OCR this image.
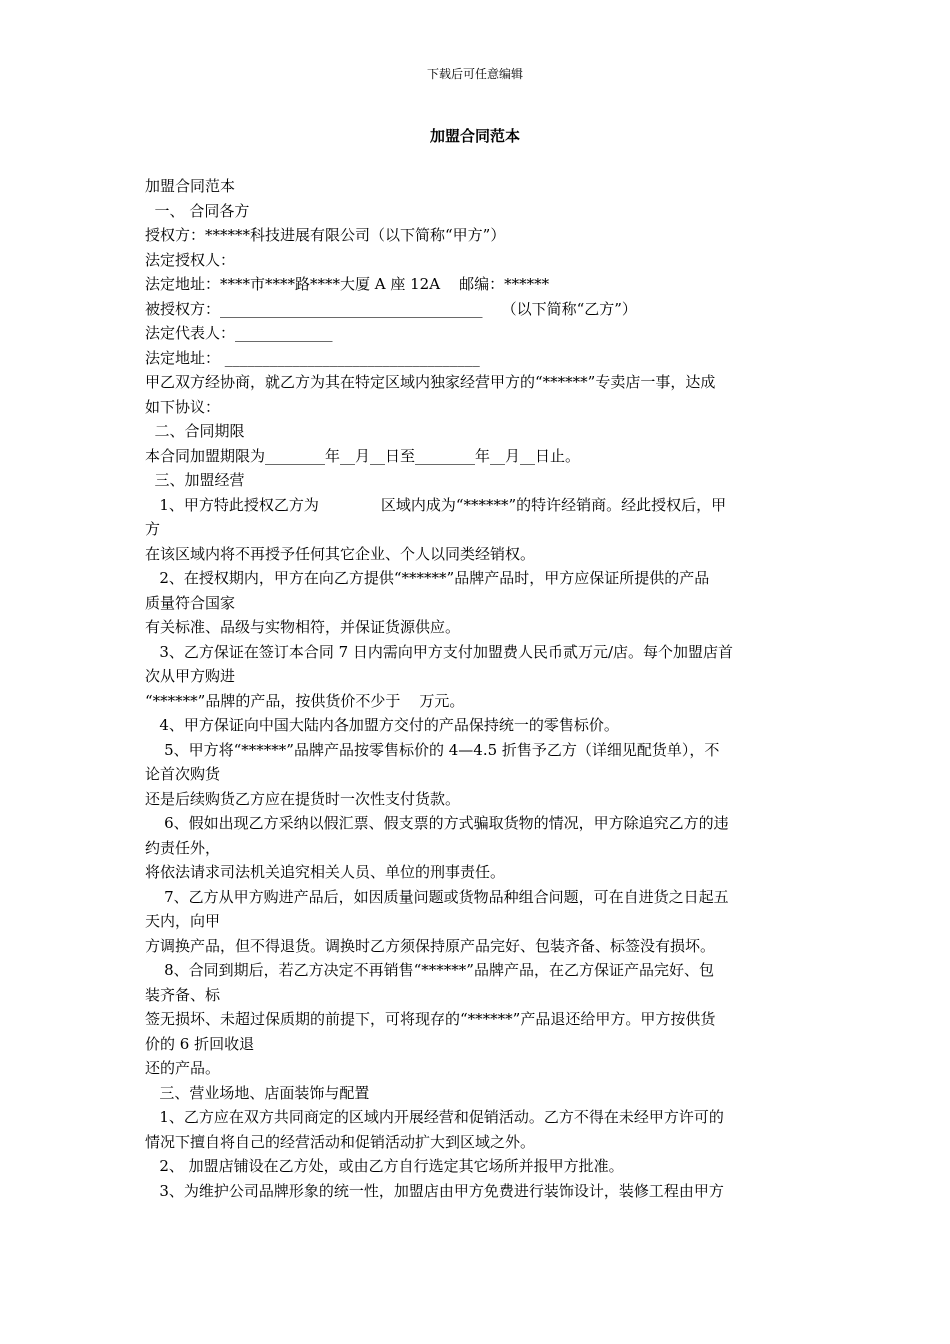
下载后可任意编辑
加盟合同范本

加盟合同范本

一、 合同各方

授权方：******科技进展有限公司（以下简称“甲方”）

法定授权人：

法定地址：****市****路****大厦 A 座 12A    邮编：******

被授权方：___________________________________    （以下简称“乙方”）

法定代表人：_____________

法定地址： __________________________________

甲乙双方经协商，就乙方为其在特定区域内独家经营甲方的“******”专卖店一事，达成

如下协议：

二、合同期限

本合同加盟期限为________年__月__日至________年__月__日止。

三、加盟经营

1、甲方特此授权乙方为             区域内成为“******”的特许经销商。经此授权后，甲

方

在该区域内将不再授予任何其它企业、个人以同类经销权。

2、在授权期内，甲方在向乙方提供“******”品牌产品时，甲方应保证所提供的产品

质量符合国家

有关标准、品级与实物相符，并保证货源供应。

3、乙方保证在签订本合同 7 日内需向甲方支付加盟费人民币贰万元/店。每个加盟店首

次从甲方购进

“******”品牌的产品，按供货价不少于    万元。

4、甲方保证向中国大陆内各加盟方交付的产品保持统一的零售标价。

5、甲方将“******”品牌产品按零售标价的 4—4.5 折售予乙方（详细见配货单），不

论首次购货

还是后续购货乙方应在提货时一次性支付货款。

6、假如出现乙方采纳以假汇票、假支票的方式骗取货物的情况，甲方除追究乙方的违

约责任外，

将依法请求司法机关追究相关人员、单位的刑事责任。

7、乙方从甲方购进产品后，如因质量问题或货物品种组合问题，可在自进货之日起五

天内，向甲

方调换产品，但不得退货。调换时乙方须保持原产品完好、包装齐备、标签没有损坏。

8、合同到期后，若乙方决定不再销售“******”品牌产品，在乙方保证产品完好、包

装齐备、标

签无损坏、未超过保质期的前提下，可将现存的“******”产品退还给甲方。甲方按供货

价的 6 折回收退

还的产品。

三、营业场地、店面装饰与配置

1、乙方应在双方共同商定的区域内开展经营和促销活动。乙方不得在未经甲方许可的

情况下擅自将自己的经营活动和促销活动扩大到区域之外。

2、 加盟店铺设在乙方处，或由乙方自行选定其它场所并报甲方批准。

3、为维护公司品牌形象的统一性，加盟店由甲方免费进行装饰设计，装修工程由甲方
